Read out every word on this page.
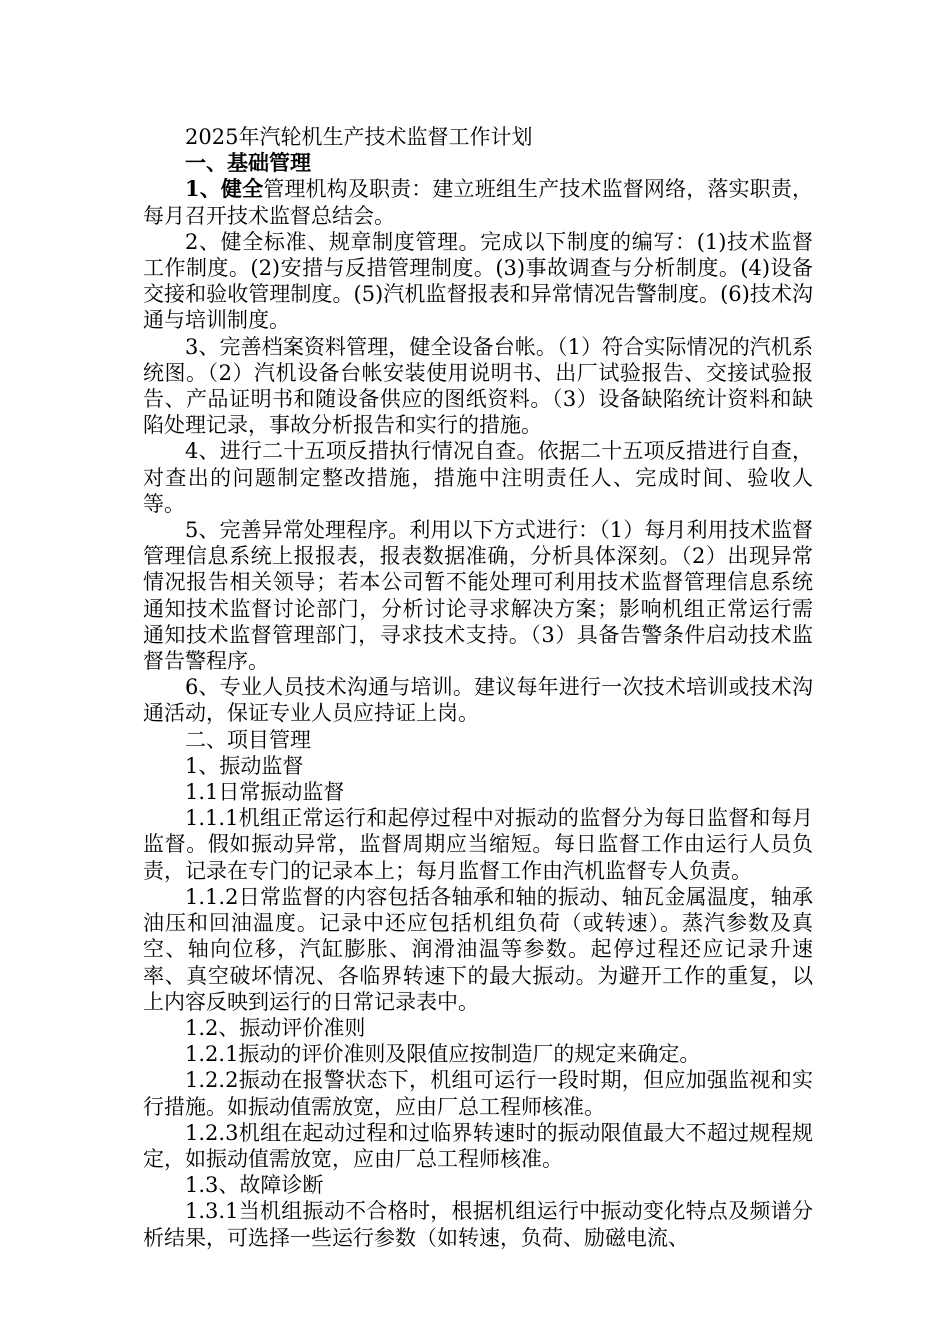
2025年汽轮机生产技术监督工作计划

一、基础管理

1、健全管理机构及职责：建立班组生产技术监督网络，落实职责，每月召开技术监督总结会。

2、健全标准、规章制度管理。完成以下制度的编写：(1)技术监督工作制度。(2)安措与反措管理制度。(3)事故调查与分析制度。(4)设备交接和验收管理制度。(5)汽机监督报表和异常情况告警制度。(6)技术沟通与培训制度。

3、完善档案资料管理，健全设备台帐。（1）符合实际情况的汽机系统图。（2）汽机设备台帐安装使用说明书、出厂试验报告、交接试验报告、产品证明书和随设备供应的图纸资料。（3）设备缺陷统计资料和缺陷处理记录，事故分析报告和实行的措施。

4、进行二十五项反措执行情况自查。依据二十五项反措进行自查，对查出的问题制定整改措施，措施中注明责任人、完成时间、验收人等。

5、完善异常处理程序。利用以下方式进行：（1）每月利用技术监督管理信息系统上报报表，报表数据准确，分析具体深刻。（2）出现异常情况报告相关领导；若本公司暂不能处理可利用技术监督管理信息系统通知技术监督讨论部门，分析讨论寻求解决方案；影响机组正常运行需通知技术监督管理部门，寻求技术支持。（3）具备告警条件启动技术监督告警程序。

6、专业人员技术沟通与培训。建议每年进行一次技术培训或技术沟通活动，保证专业人员应持证上岗。

二、项目管理

1、振动监督

1.1日常振动监督

1.1.1机组正常运行和起停过程中对振动的监督分为每日监督和每月监督。假如振动异常，监督周期应当缩短。每日监督工作由运行人员负责，记录在专门的记录本上；每月监督工作由汽机监督专人负责。

1.1.2日常监督的内容包括各轴承和轴的振动、轴瓦金属温度，轴承油压和回油温度。记录中还应包括机组负荷（或转速）。蒸汽参数及真空、轴向位移，汽缸膨胀、润滑油温等参数。起停过程还应记录升速率、真空破坏情况、各临界转速下的最大振动。为避开工作的重复，以上内容反映到运行的日常记录表中。

1.2、振动评价准则

1.2.1振动的评价准则及限值应按制造厂的规定来确定。

1.2.2振动在报警状态下，机组可运行一段时期，但应加强监视和实行措施。如振动值需放宽，应由厂总工程师核准。

1.2.3机组在起动过程和过临界转速时的振动限值最大不超过规程规定，如振动值需放宽，应由厂总工程师核准。

1.3、故障诊断

1.3.1当机组振动不合格时，根据机组运行中振动变化特点及频谱分析结果，可选择一些运行参数（如转速，负荷、励磁电流、
